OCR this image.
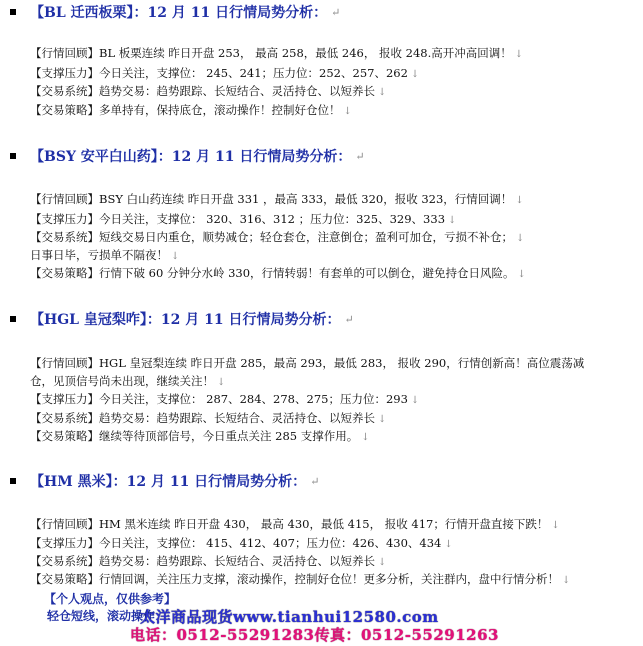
【BL 迁西板栗】：12 月 11 日行情局势分析： ↵
【行情回顾】BL 板栗连续 昨日开盘 253， 最高 258，最低 246， 报收 248.高开冲高回调！ ↓
【支撑压力】今日关注，支撑位： 245、241；压力位：252、257、262 ↓
【交易系统】趋势交易：趋势跟踪、长短结合、灵活持仓、以短养长 ↓
【交易策略】多单持有，保持底仓，滚动操作！控制好仓位！ ↓
【BSY 安平白山药】：12 月 11 日行情局势分析： ↵
【行情回顾】BSY 白山药连续 昨日开盘 331 ，最高 333，最低 320，报收 323，行情回调！ ↓
【支撑压力】今日关注，支撑位： 320、316、312 ；压力位：325、329、333 ↓
【交易系统】短线交易日内重仓，顺势减仓；轻仓套仓，注意倒仓；盈利可加仓，亏损不补仓； ↓
日事日毕，亏损单不隔夜！ ↓
【交易策略】行情下破 60 分钟分水岭 330，行情转弱！有套单的可以倒仓，避免持仓日风险。 ↓
【HGL 皇冠梨咋】：12 月 11 日行情局势分析： ↵
【行情回顾】HGL 皇冠梨连续 昨日开盘 285，最高 293，最低 283， 报收 290，行情创新高！高位震荡减
仓，见顶信号尚未出现，继续关注！ ↓
【支撑压力】今日关注，支撑位： 287、284、278、275；压力位：293 ↓
【交易系统】趋势交易：趋势跟踪、长短结合、灵活持仓、以短养长 ↓
【交易策略】继续等待顶部信号，今日重点关注 285 支撑作用。 ↓
【HM 黑米】：12 月 11 日行情局势分析： ↵
【行情回顾】HM 黑米连续 昨日开盘 430， 最高 430，最低 415， 报收 417；行情开盘直接下跌！ ↓
【支撑压力】今日关注，支撑位： 415、412、407；压力位：426、430、434 ↓
【交易系统】趋势交易：趋势跟踪、长短结合、灵活持仓、以短养长 ↓
【交易策略】行情回调，关注压力支撑，滚动操作，控制好仓位！更多分析，关注群内，盘中行情分析！ ↓
【个人观点，仅供参考】
轻仓短线，滚动操作
太洋商品现货www.tianhui12580.com
电话：0512-55291283传真：0512-55291263
